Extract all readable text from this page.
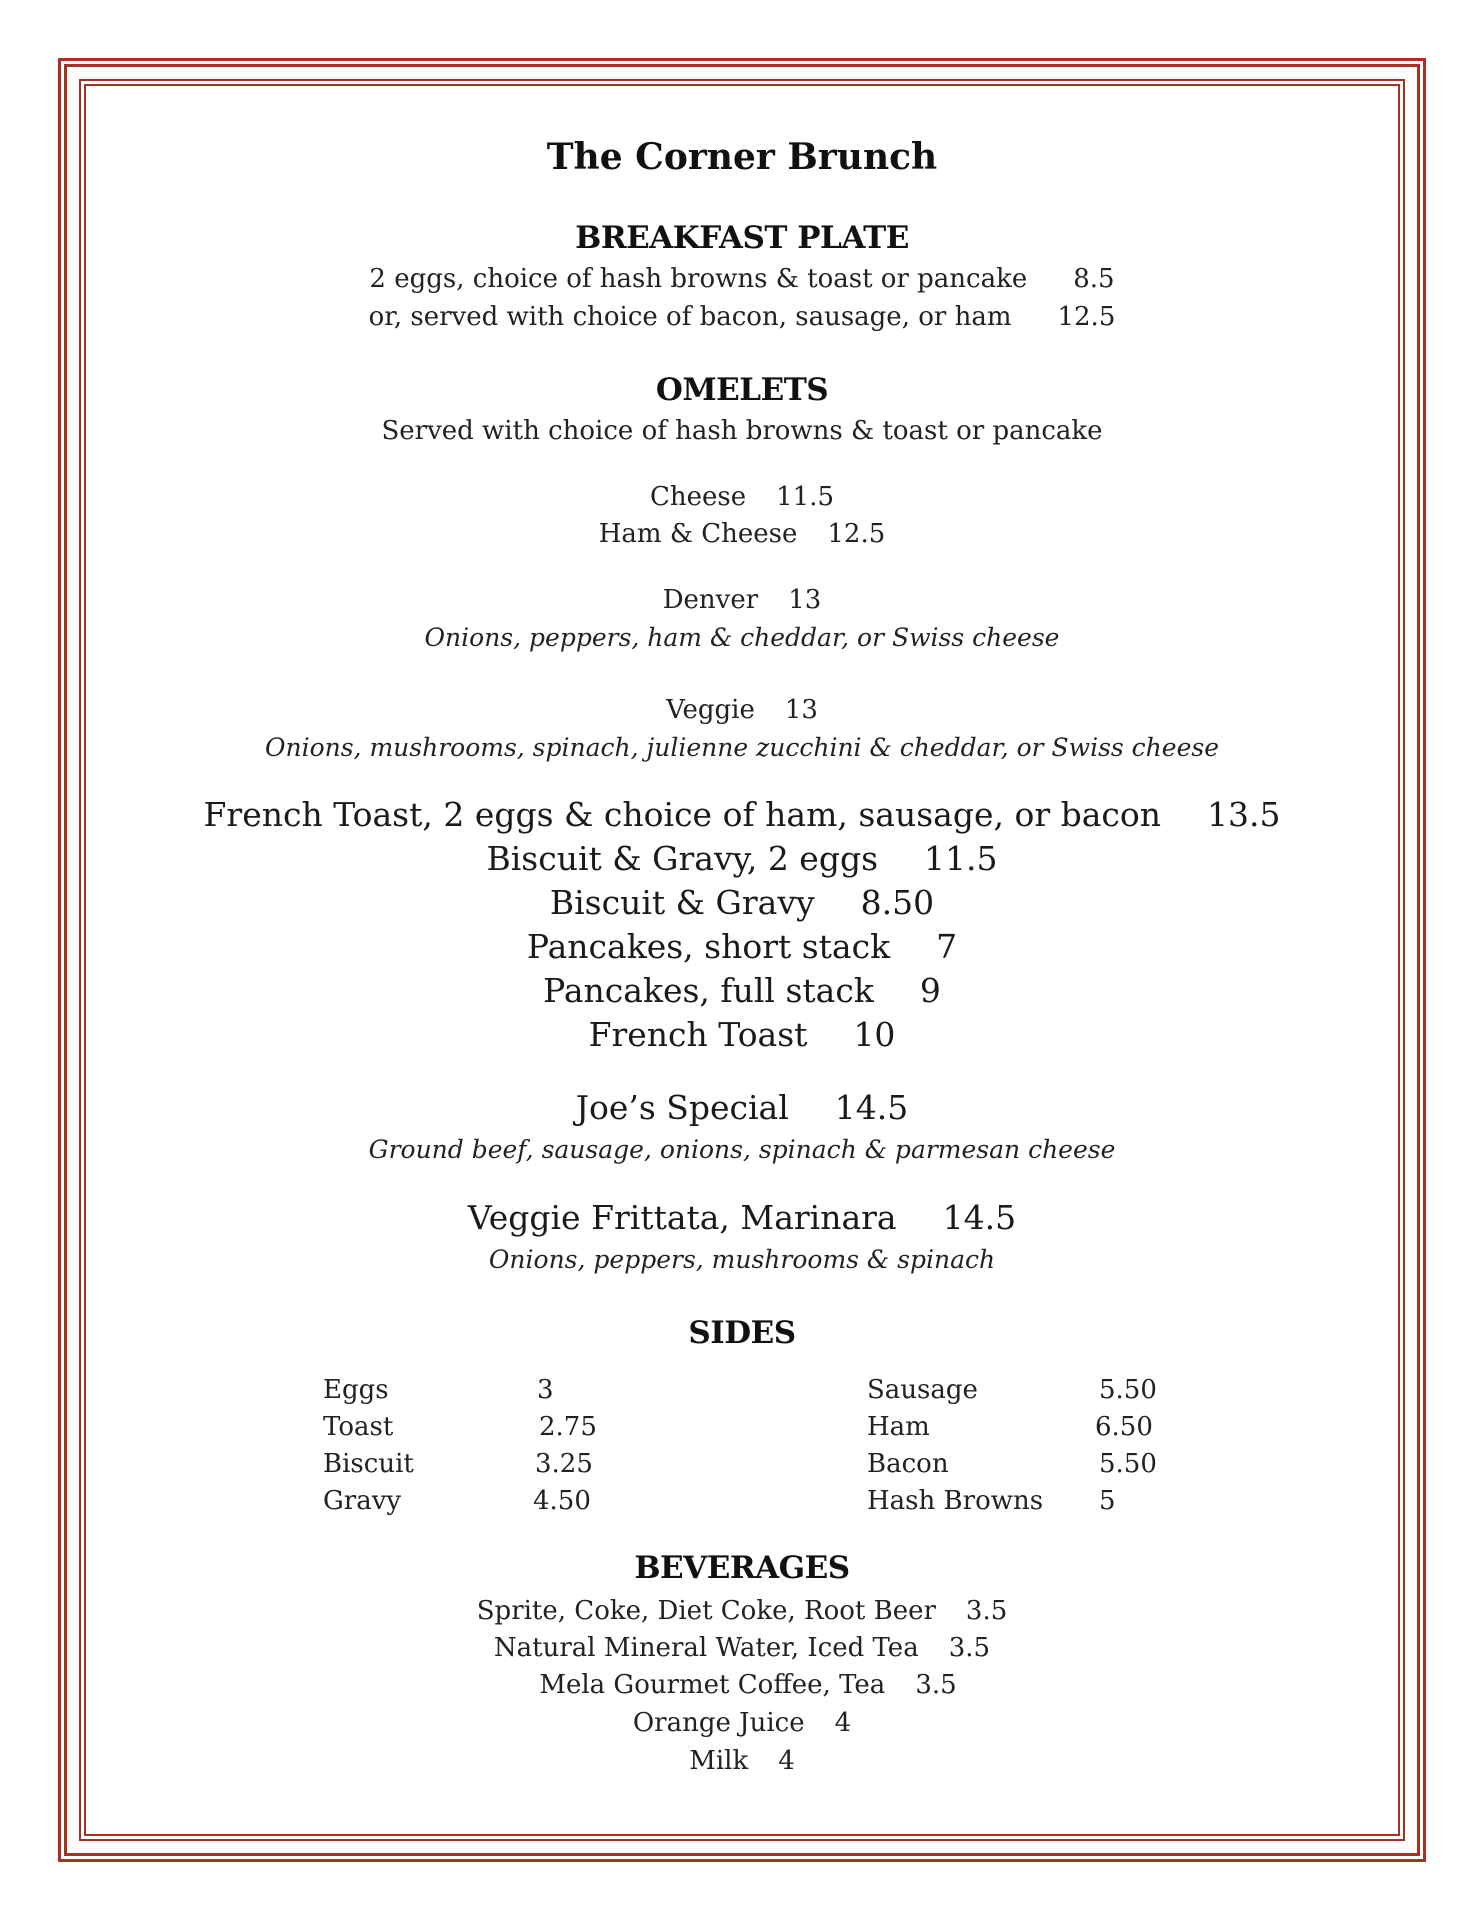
The Corner Brunch
BREAKFAST PLATE
2 eggs, choice of hash browns & toast or pancake 8.5
or, served with choice of bacon, sausage, or ham 12.5
OMELETS
Served with choice of hash browns & toast or pancake
Cheese 11.5
Ham & Cheese 12.5
Denver 13
Onions, peppers, ham & cheddar, or Swiss cheese
Veggie 13
Onions, mushrooms, spinach, julienne zucchini & cheddar, or Swiss cheese
French Toast, 2 eggs & choice of ham, sausage, or bacon 13.5
Biscuit & Gravy, 2 eggs 11.5
Biscuit & Gravy 8.50
Pancakes, short stack 7
Pancakes, full stack 9
French Toast 10
Joe’s Special 14.5
Ground beef, sausage, onions, spinach & parmesan cheese
Veggie Frittata, Marinara 14.5
Onions, peppers, mushrooms & spinach
SIDES
Eggs	3
Toast	2.75
Biscuit	3.25
Gravy	4.50
Sausage	5.50
Ham	6.50
Bacon	5.50
Hash Browns 5
BEVERAGES
Sprite, Coke, Diet Coke, Root Beer 3.5
Natural Mineral Water, Iced Tea 3.5
Mela Gourmet Coffee, Tea 3.5
Orange Juice 4
Milk 4
